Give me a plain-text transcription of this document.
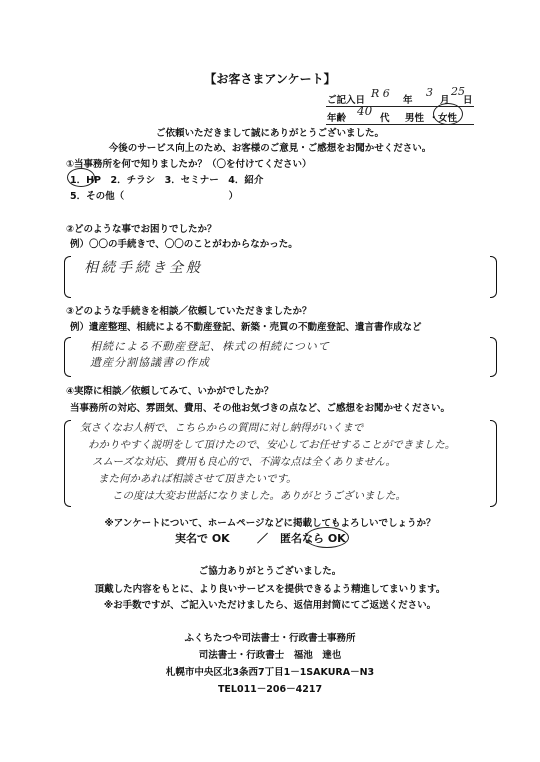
【お客さまアンケート】
ご記入日
R 6
年
3
月
25
日
年齢
40
代 男性 ・ 女性
ご依頼いただきまして誠にありがとうございました。
今後のサービス向上のため、お客様のご意見・ご感想をお聞かせください。
①当事務所を何で知りましたか？（〇を付けてください）
1．HP　2．チラシ　3．セミナー　4．紹介
5．その他（　　　　　　　　　　　）
②どのような事でお困りでしたか？
例）〇〇の手続きで、〇〇のことがわからなかった。
相続手続き全般
③どのような手続きを相談／依頼していただきましたか？
例）遺産整理、相続による不動産登記、新築・売買の不動産登記、遺言書作成など
相続による不動産登記、株式の相続について
遺産分割協議書の作成
④実際に相談／依頼してみて、いかがでしたか？
当事務所の対応、雰囲気、費用、その他お気づきの点など、ご感想をお聞かせください。
気さくなお人柄で、こちらからの質問に対し納得がいくまで
わかりやすく説明をして頂けたので、安心してお任せすることができました。
スムーズな対応、費用も良心的で、不満な点は全くありません。
また何かあれば相談させて頂きたいです。
この度は大変お世話になりました。ありがとうございました。
※アンケートについて、ホームページなどに掲載してもよろしいでしょうか？
実名で OK ／ 匿名なら OK
ご協力ありがとうございました。
頂戴した内容をもとに、より良いサービスを提供できるよう精進してまいります。
※お手数ですが、ご記入いただけましたら、返信用封筒にてご返送ください。
ふくちたつや司法書士・行政書士事務所
司法書士・行政書士　福池　達也
札幌市中央区北3条西7丁目1－1SAKURA－N3
TEL011－206－4217
